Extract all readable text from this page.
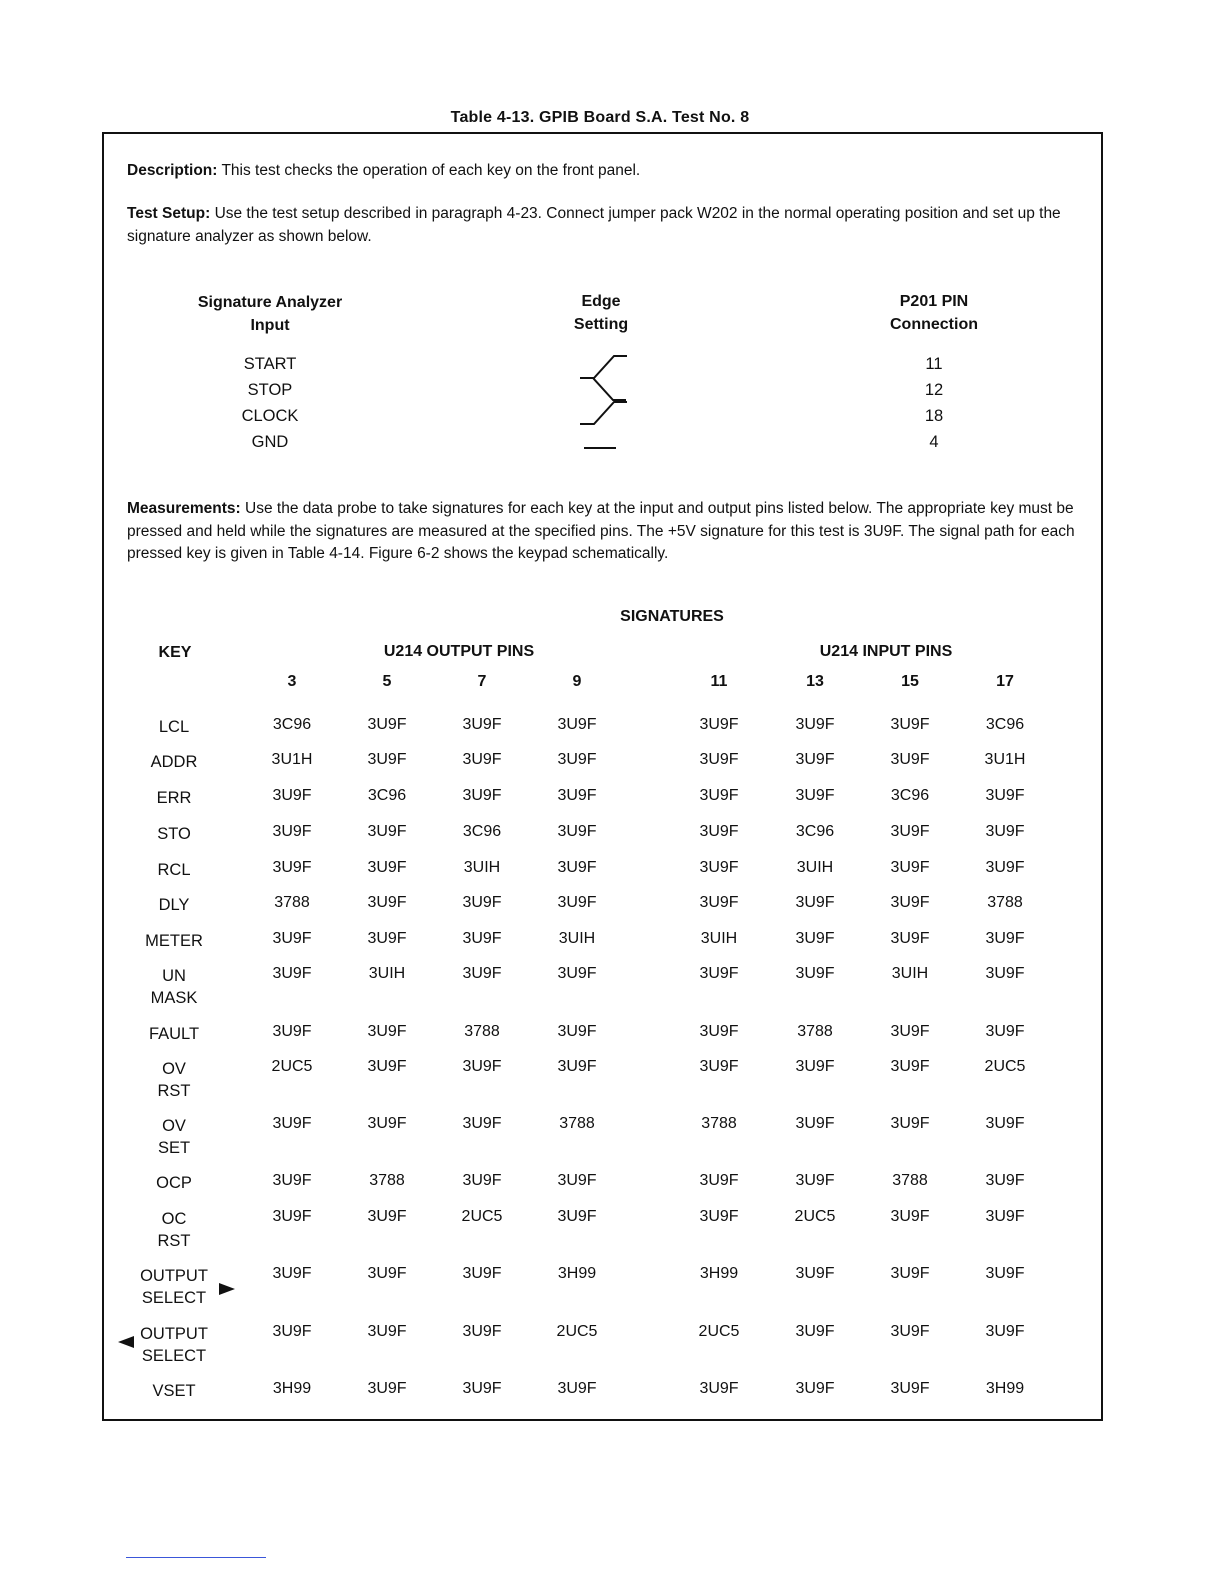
Table 4-13. GPIB Board S.A. Test No. 8
Description: This test checks the operation of each key on the front panel.
Test Setup: Use the test setup described in paragraph 4-23. Connect jumper pack W202 in the normal operating position and set up the signature analyzer as shown below.
Signature Analyzer
Input
Edge
Setting
P201 PIN
Connection
START	11
STOP	12
CLOCK	18
GND	4
Measurements: Use the data probe to take signatures for each key at the input and output pins listed below. The appropriate key must be pressed and held while the signatures are measured at the specified pins. The +5V signature for this test is 3U9F. The signal path for each pressed key is given in Table 4-14. Figure 6-2 shows the keypad schematically.
SIGNATURES
KEY	U214 OUTPUT PINS	U214 INPUT PINS
3	5	7	9	11	13	15	17
LCL	3C96	3U9F	3U9F	3U9F	3U9F	3U9F	3U9F	3C96
ADDR	3U1H	3U9F	3U9F	3U9F	3U9F	3U9F	3U9F	3U1H
ERR	3U9F	3C96	3U9F	3U9F	3U9F	3U9F	3C96	3U9F
STO	3U9F	3U9F	3C96	3U9F	3U9F	3C96	3U9F	3U9F
RCL	3U9F	3U9F	3UIH	3U9F	3U9F	3UIH	3U9F	3U9F
DLY	3788	3U9F	3U9F	3U9F	3U9F	3U9F	3U9F	3788
METER	3U9F	3U9F	3U9F	3UIH	3UIH	3U9F	3U9F	3U9F
UN
MASK
3U9F	3UIH	3U9F	3U9F	3U9F	3U9F	3UIH	3U9F
FAULT	3U9F	3U9F	3788	3U9F	3U9F	3788	3U9F	3U9F
OV
RST
2UC5	3U9F	3U9F	3U9F	3U9F	3U9F	3U9F	2UC5
OV
SET
3U9F	3U9F	3U9F	3788	3788	3U9F	3U9F	3U9F
OCP	3U9F	3788	3U9F	3U9F	3U9F	3U9F	3788	3U9F
OC
RST
3U9F	3U9F	2UC5	3U9F	3U9F	2UC5	3U9F	3U9F
OUTPUT
SELECT
3U9F	3U9F	3U9F	3H99	3H99	3U9F	3U9F	3U9F
OUTPUT
SELECT
3U9F	3U9F	3U9F	2UC5	2UC5	3U9F	3U9F	3U9F
VSET	3H99	3U9F	3U9F	3U9F	3U9F	3U9F	3U9F	3H99
